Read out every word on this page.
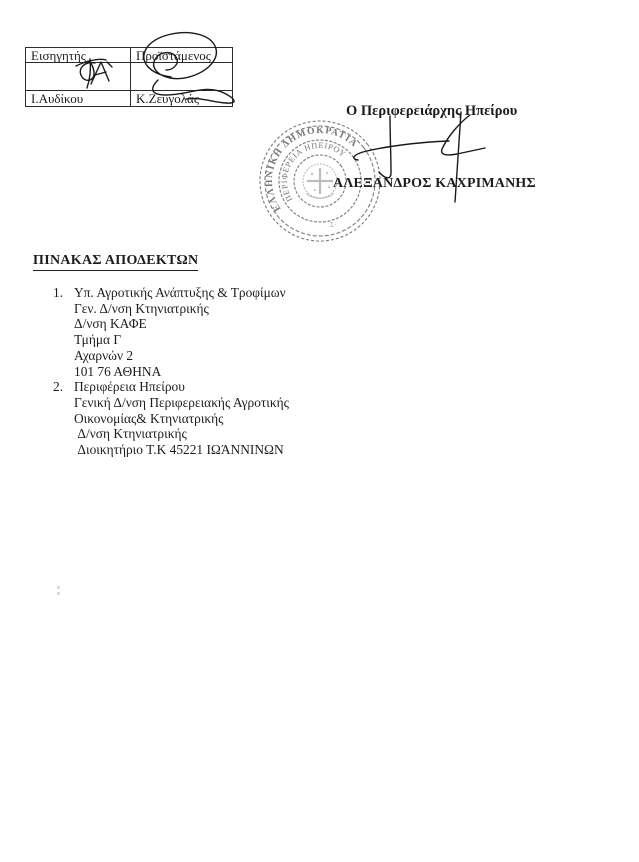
Εισηγητής	Προϊστάμενος
Ι.Αυδίκου	Κ.Ζευγολάς
Ο Περιφερειάρχης Ηπείρου
ΑΛΕΞΑΝΔΡΟΣ ΚΑΧΡΙΜΑΝΗΣ
ΕΛΛΗΝΙΚΗ ΔΗΜΟΚΡΑΤΙΑ
ΠΕΡΙΦΕΡΕΙΑ ΗΠΕΙΡΟΥ
Σ·
ΠΙΝΑΚΑΣ ΑΠΟΔΕΚΤΩΝ
1. Υπ. Αγροτικής Ανάπτυξης & Τροφίμων
Γεν. Δ/νση Κτηνιατρικής
Δ/νση ΚΑΦΕ
Τμήμα Γ
Αχαρνών 2
101 76 ΑΘΗΝΑ
2. Περιφέρεια Ηπείρου
Γενική Δ/νση Περιφερειακής Αγροτικής
Οικονομίας& Κτηνιατρικής
Δ/νση Κτηνιατρικής
Διοικητήριο Τ.Κ 45221 ΙΩΆΝΝΙΝΩΝ
